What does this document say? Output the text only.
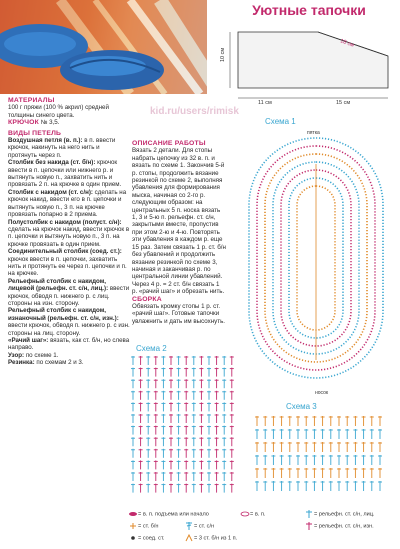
Уютные тапочки
10 см
18 см
11 см	15 см
kid.ru/users/rimisk

МАТЕРИАЛЫ

100 г пряжи (100 % акрил) средней толщины синего цвета.

КРЮЧОК № 3,5.

ВИДЫ ПЕТЕЛЬ

Воздушная петля (в. п.): в п. ввести крючок, накинуть на него нить и протянуть через п.

Столбик без накида (ст. б/н): крючок ввести в п. цепочки или нижнего р. и вытянуть новую п., захватить нить и провязать 2 п. на крючке в один прием.

Столбик с накидом (ст. с/н): сделать на крючок накид, ввести его в п. цепочки и вытянуть новую п., 3 п. на крючке провязать попарно в 2 приема.

Полустолбик с накидом (полуст. с/н): сделать на крючок накид, ввести крючок в п. цепочки и вытянуть новую п., 3 п. на крючке провязать в один прием.

Соединительный столбик (соед. ст.): крючок ввести в п. цепочки, захватить нить и протянуть ее через п. цепочки и п. на крючке.

Рельефный столбик с накидом, лицевой (рельефн. ст. с/н, лиц.): ввести крючок, обводя п. нижнего р. с лиц. стороны на изн. сторону.

Рельефный столбик с накидом, изнаночный (рельефн. ст. с/н, изн.): ввести крючок, обводя п. нижнего р. с изн. стороны на лиц. сторону.

«Рачий шаг»: вязать, как ст. б/н, но слева направо.

Узор: по схеме 1.

Резинка: по схемам 2 и 3.

ОПИСАНИЕ РАБОТЫ

Вязать 2 детали. Для стопы набрать цепочку из 32 в. п. и вязать по схеме 1. Закончив 5-й р. стопы, продолжить вязание резинкой по схеме 2, выполняя убавления для формирования мыска, начиная со 2-го р. следующим образом: на центральных 5 п. носка вязать 1, 3 и 5-ю п. рельефн. ст. с/н, закрытыми вместе, пропустив при этом 2-ю и 4-ю. Повторять эти убавления в каждом р. еще 15 раз. Затем связать 1 р. ст. б/н без убавлений и продолжить вязание резинкой по схеме 3, начиная и заканчивая р. по центральной линии убавлений. Через 4 р. = 2 ст. б/н связать 1 р. «рачий шаг» и обрезать нить.

СБОРКА

Обвязать кромку стопы 1 р. ст. «рачий шаг». Готовые тапочки увлажнить и дать им высохнуть.

Схема 1
пятка
носок
Схема 2
Схема 3
= в. п. подъема или начало	= в. п.	= рельефн. ст. с/н, лиц.
= ст. б/н	= ст. с/н	= рельефн. ст. с/н, изн.
= соед. ст.	= 3 ст. б/н из 1 п.
